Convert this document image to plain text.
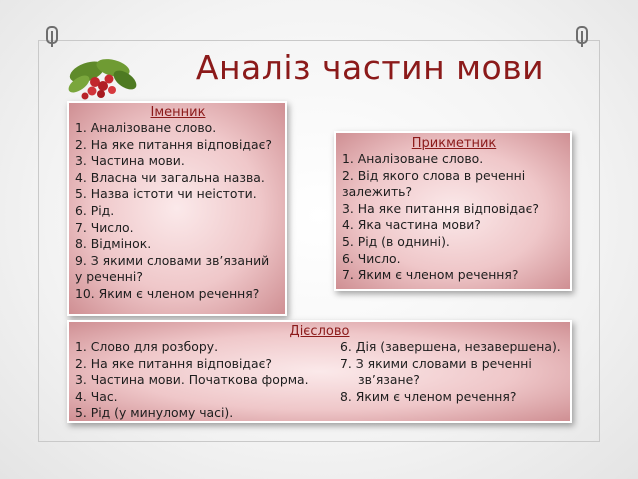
Аналіз частин мови
Іменник
1. Аналізоване слово.
2. На яке питання відповідає?
3. Частина мови.
4. Власна чи загальна назва.
5. Назва істоти чи неістоти.
6. Рід.
7. Число.
8. Відмінок.
9. З якими словами зв’язаний
у реченні?
10. Яким є членом речення?
Прикметник
1. Аналізоване слово.
2. Від якого слова в реченні
залежить?
3. На яке питання відповідає?
4. Яка частина мови?
5. Рід (в однині).
6. Число.
7. Яким є членом речення?
Дієслово
1. Слово для розбору.
2. На яке питання відповідає?
3. Частина мови. Початкова форма.
4. Час.
5. Рід (у минулому часі).
6. Дія (завершена, незавершена).
7. З якими словами в реченні
зв’язане?
8. Яким є членом речення?
